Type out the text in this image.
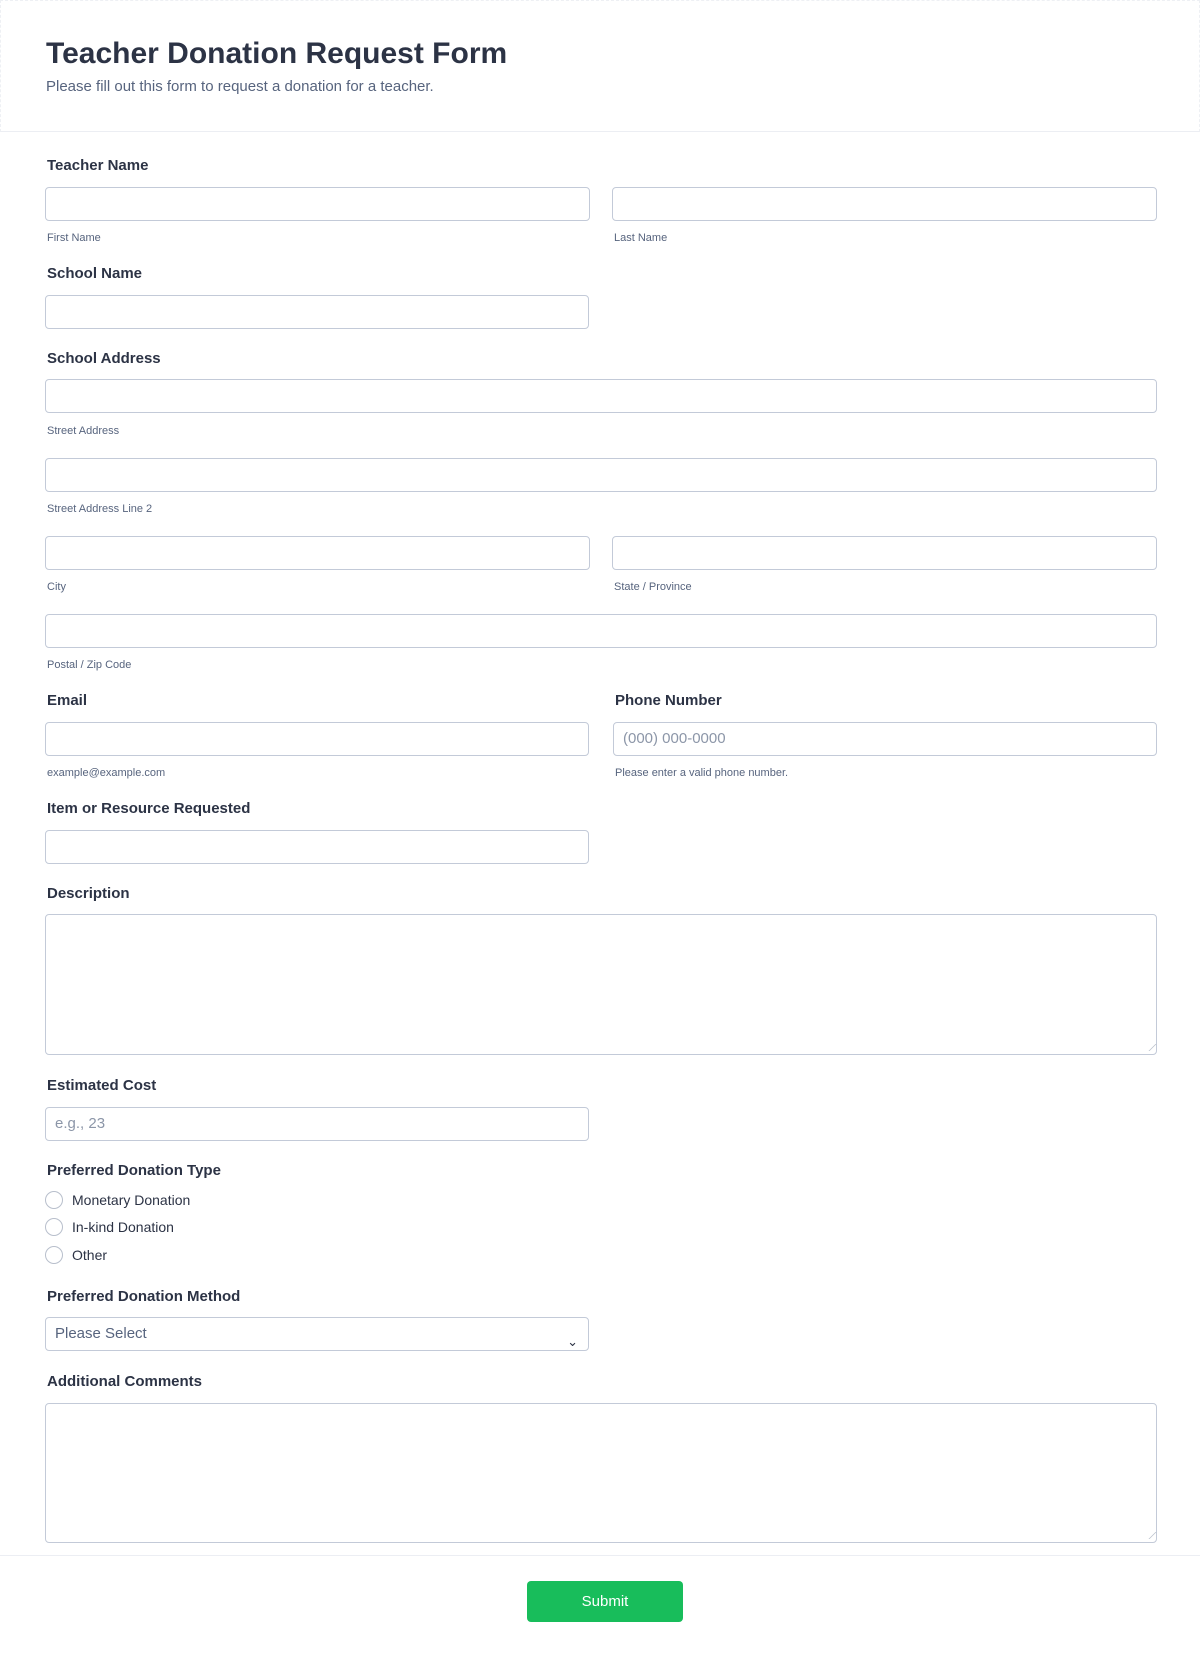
Teacher Donation Request Form
Please fill out this form to request a donation for a teacher.
Teacher Name
First Name	Last Name
School Name
School Address
Street Address
Street Address Line 2
City	State / Province
Postal / Zip Code
Email
example@example.com
Phone Number
(000) 000-0000
Please enter a valid phone number.
Item or Resource Requested
Description
Estimated Cost
e.g., 23
Preferred Donation Type
Monetary Donation
In-kind Donation
Other
Preferred Donation Method
Please Select	⌄
Additional Comments
Submit
